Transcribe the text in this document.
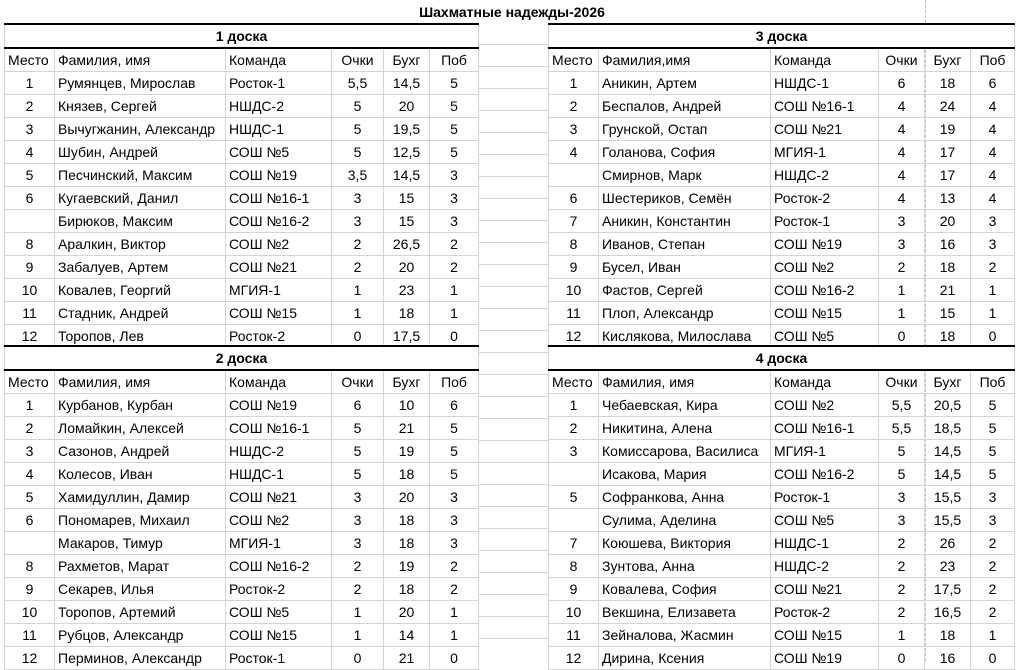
Шахматные надежды-2026
1 доска					
Место	Фамилия, имя	Команда	Очки	Бухг	Поб
1	Румянцев, Мирослав	Росток-1	5,5	14,5	5
2	Князев, Сергей	НШДС-2	5	20	5
3	Вычугжанин, Александр	НШДС-1	5	19,5	5
4	Шубин, Андрей	СОШ №5	5	12,5	5
5	Песчинский, Максим	СОШ №19	3,5	14,5	3
6	Кугаевский, Данил	СОШ №16-1	3	15	3
	Бирюков, Максим	СОШ №16-2	3	15	3
8	Аралкин, Виктор	СОШ №2	2	26,5	2
9	Забалуев, Артем	СОШ №21	2	20	2
10	Ковалев, Георгий	МГИЯ-1	1	23	1
11	Стадник, Андрей	СОШ №15	1	18	1
12	Торопов, Лев	Росток-2	0	17,5	0
3 доска					
Место	Фамилия,имя	Команда	Очки	Бухг	Поб
1	Аникин, Артем	НШДС-1	6	18	6
2	Беспалов, Андрей	СОШ №16-1	4	24	4
3	Грунской, Остап	СОШ №21	4	19	4
4	Голанова, София	МГИЯ-1	4	17	4
	Смирнов, Марк	НШДС-2	4	17	4
6	Шестериков, Семён	Росток-2	4	13	4
7	Аникин, Константин	Росток-1	3	20	3
8	Иванов, Степан	СОШ №19	3	16	3
9	Бусел, Иван	СОШ №2	2	18	2
10	Фастов, Сергей	СОШ №16-2	1	21	1
11	Плоп, Александр	СОШ №15	1	15	1
12	Кислякова, Милослава	СОШ №5	0	18	0
2 доска					
Место	Фамилия, имя	Команда	Очки	Бухг	Поб
1	Курбанов, Курбан	СОШ №19	6	10	6
2	Ломайкин, Алексей	СОШ №16-1	5	21	5
3	Сазонов, Андрей	НШДС-2	5	19	5
4	Колесов, Иван	НШДС-1	5	18	5
5	Хамидуллин, Дамир	СОШ №21	3	20	3
6	Пономарев, Михаил	СОШ №2	3	18	3
	Макаров, Тимур	МГИЯ-1	3	18	3
8	Рахметов, Марат	СОШ №16-2	2	19	2
9	Секарев, Илья	Росток-2	2	18	2
10	Торопов, Артемий	СОШ №5	1	20	1
11	Рубцов, Александр	СОШ №15	1	14	1
12	Перминов, Александр	Росток-1	0	21	0
4 доска					
Место	Фамилия, имя	Команда	Очки	Бухг	Поб
1	Чебаевская, Кира	СОШ №2	5,5	20,5	5
2	Никитина, Алена	СОШ №16-1	5,5	18,5	5
3	Комиссарова, Василиса	МГИЯ-1	5	14,5	5
	Исакова, Мария	СОШ №16-2	5	14,5	5
5	Софранкова, Анна	Росток-1	3	15,5	3
	Сулима, Аделина	СОШ №5	3	15,5	3
7	Коюшева, Виктория	НШДС-1	2	26	2
8	Зунтова, Анна	НШДС-2	2	23	2
9	Ковалева, София	СОШ №21	2	17,5	2
10	Векшина, Елизавета	Росток-2	2	16,5	2
11	Зейналова, Жасмин	СОШ №15	1	18	1
12	Дирина, Ксения	СОШ №19	0	16	0
